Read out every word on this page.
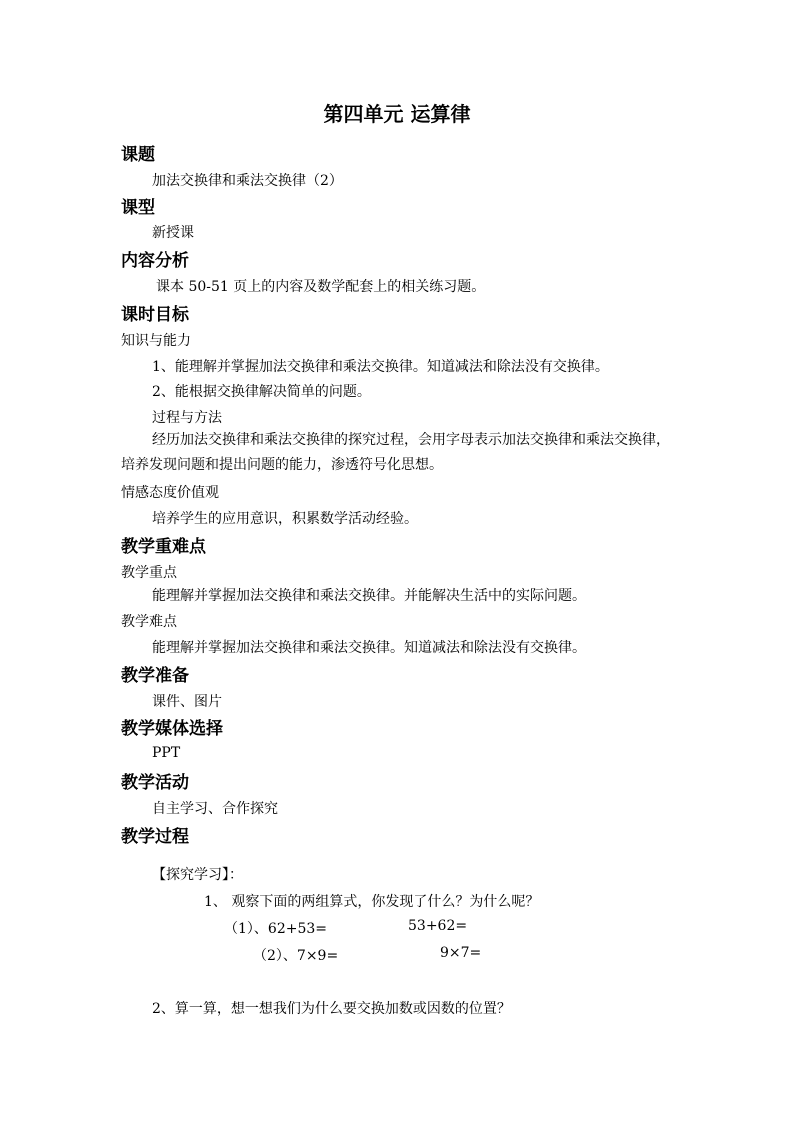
第四单元 运算律
课题
加法交换律和乘法交换律（2）
课型
新授课
内容分析
课本 50-51 页上的内容及数学配套上的相关练习题。
课时目标
知识与能力
1、能理解并掌握加法交换律和乘法交换律。知道减法和除法没有交换律。
2、能根据交换律解决简单的问题。
过程与方法
经历加法交换律和乘法交换律的探究过程，会用字母表示加法交换律和乘法交换律，培养发现问题和提出问题的能力，渗透符号化思想。
情感态度价值观
培养学生的应用意识，积累数学活动经验。
教学重难点
教学重点
能理解并掌握加法交换律和乘法交换律。并能解决生活中的实际问题。
教学难点
能理解并掌握加法交换律和乘法交换律。知道减法和除法没有交换律。
教学准备
课件、图片
教学媒体选择
PPT
教学活动
自主学习、合作探究
教学过程
【探究学习】：
1、 观察下面的两组算式，你发现了什么？为什么呢？
（1）、62+53=	53+62=
（2）、7×9=	9×7=
2、算一算，想一想我们为什么要交换加数或因数的位置？
